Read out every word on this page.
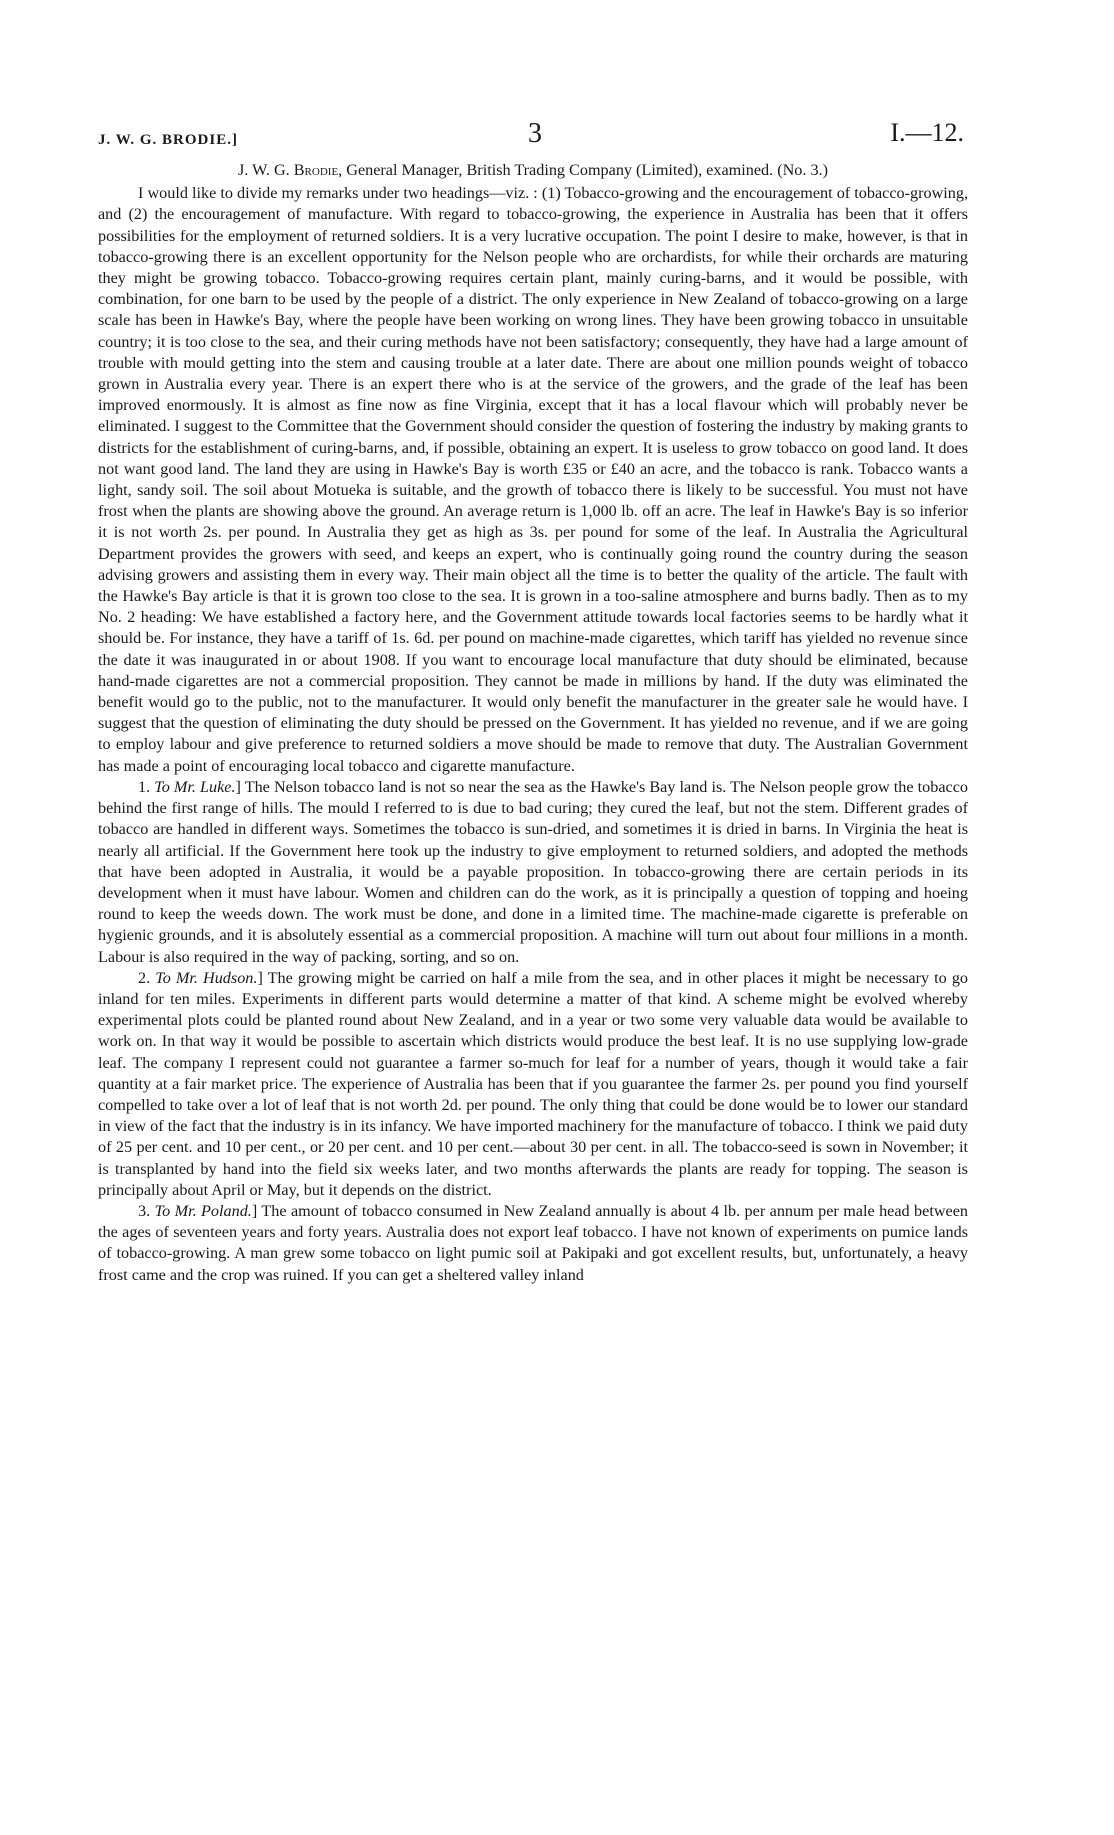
J. W. G. BRODIE.]	3	I.—12.
J. W. G. Brodie, General Manager, British Trading Company (Limited), examined. (No. 3.)

I would like to divide my remarks under two headings—viz. : (1) Tobacco-growing and the encouragement of tobacco-growing, and (2) the encouragement of manufacture. With regard to tobacco-growing, the experience in Australia has been that it offers possibilities for the employment of returned soldiers. It is a very lucrative occupation. The point I desire to make, however, is that in tobacco-growing there is an excellent opportunity for the Nelson people who are orchardists, for while their orchards are maturing they might be growing tobacco. Tobacco-growing requires certain plant, mainly curing-barns, and it would be possible, with combination, for one barn to be used by the people of a district. The only experience in New Zealand of tobacco-growing on a large scale has been in Hawke's Bay, where the people have been working on wrong lines. They have been growing tobacco in unsuitable country; it is too close to the sea, and their curing methods have not been satisfactory; consequently, they have had a large amount of trouble with mould getting into the stem and causing trouble at a later date. There are about one million pounds weight of tobacco grown in Australia every year. There is an expert there who is at the service of the growers, and the grade of the leaf has been improved enormously. It is almost as fine now as fine Virginia, except that it has a local flavour which will probably never be eliminated. I suggest to the Committee that the Government should consider the question of fostering the industry by making grants to districts for the establishment of curing-barns, and, if possible, obtaining an expert. It is useless to grow tobacco on good land. It does not want good land. The land they are using in Hawke's Bay is worth £35 or £40 an acre, and the tobacco is rank. Tobacco wants a light, sandy soil. The soil about Motueka is suitable, and the growth of tobacco there is likely to be successful. You must not have frost when the plants are showing above the ground. An average return is 1,000 lb. off an acre. The leaf in Hawke's Bay is so inferior it is not worth 2s. per pound. In Australia they get as high as 3s. per pound for some of the leaf. In Australia the Agricultural Department provides the growers with seed, and keeps an expert, who is continually going round the country during the season advising growers and assisting them in every way. Their main object all the time is to better the quality of the article. The fault with the Hawke's Bay article is that it is grown too close to the sea. It is grown in a too-saline atmosphere and burns badly. Then as to my No. 2 heading: We have established a factory here, and the Government attitude towards local factories seems to be hardly what it should be. For instance, they have a tariff of 1s. 6d. per pound on machine-made cigarettes, which tariff has yielded no revenue since the date it was inaugurated in or about 1908. If you want to encourage local manufacture that duty should be eliminated, because hand-made cigarettes are not a commercial proposition. They cannot be made in millions by hand. If the duty was eliminated the benefit would go to the public, not to the manufacturer. It would only benefit the manufacturer in the greater sale he would have. I suggest that the question of eliminating the duty should be pressed on the Government. It has yielded no revenue, and if we are going to employ labour and give preference to returned soldiers a move should be made to remove that duty. The Australian Government has made a point of encouraging local tobacco and cigarette manufacture.

1. To Mr. Luke.] The Nelson tobacco land is not so near the sea as the Hawke's Bay land is. The Nelson people grow the tobacco behind the first range of hills. The mould I referred to is due to bad curing; they cured the leaf, but not the stem. Different grades of tobacco are handled in different ways. Sometimes the tobacco is sun-dried, and sometimes it is dried in barns. In Virginia the heat is nearly all artificial. If the Government here took up the industry to give employment to returned soldiers, and adopted the methods that have been adopted in Australia, it would be a payable proposition. In tobacco-growing there are certain periods in its development when it must have labour. Women and children can do the work, as it is principally a question of topping and hoeing round to keep the weeds down. The work must be done, and done in a limited time. The machine-made cigarette is preferable on hygienic grounds, and it is absolutely essential as a commercial proposition. A machine will turn out about four millions in a month. Labour is also required in the way of packing, sorting, and so on.

2. To Mr. Hudson.] The growing might be carried on half a mile from the sea, and in other places it might be necessary to go inland for ten miles. Experiments in different parts would determine a matter of that kind. A scheme might be evolved whereby experimental plots could be planted round about New Zealand, and in a year or two some very valuable data would be available to work on. In that way it would be possible to ascertain which districts would produce the best leaf. It is no use supplying low-grade leaf. The company I represent could not guarantee a farmer so-much for leaf for a number of years, though it would take a fair quantity at a fair market price. The experience of Australia has been that if you guarantee the farmer 2s. per pound you find yourself compelled to take over a lot of leaf that is not worth 2d. per pound. The only thing that could be done would be to lower our standard in view of the fact that the industry is in its infancy. We have imported machinery for the manufacture of tobacco. I think we paid duty of 25 per cent. and 10 per cent., or 20 per cent. and 10 per cent.—about 30 per cent. in all. The tobacco-seed is sown in November; it is transplanted by hand into the field six weeks later, and two months afterwards the plants are ready for topping. The season is principally about April or May, but it depends on the district.

3. To Mr. Poland.] The amount of tobacco consumed in New Zealand annually is about 4 lb. per annum per male head between the ages of seventeen years and forty years. Australia does not export leaf tobacco. I have not known of experiments on pumice lands of tobacco-growing. A man grew some tobacco on light pumic soil at Pakipaki and got excellent results, but, unfortunately, a heavy frost came and the crop was ruined. If you can get a sheltered valley inland
